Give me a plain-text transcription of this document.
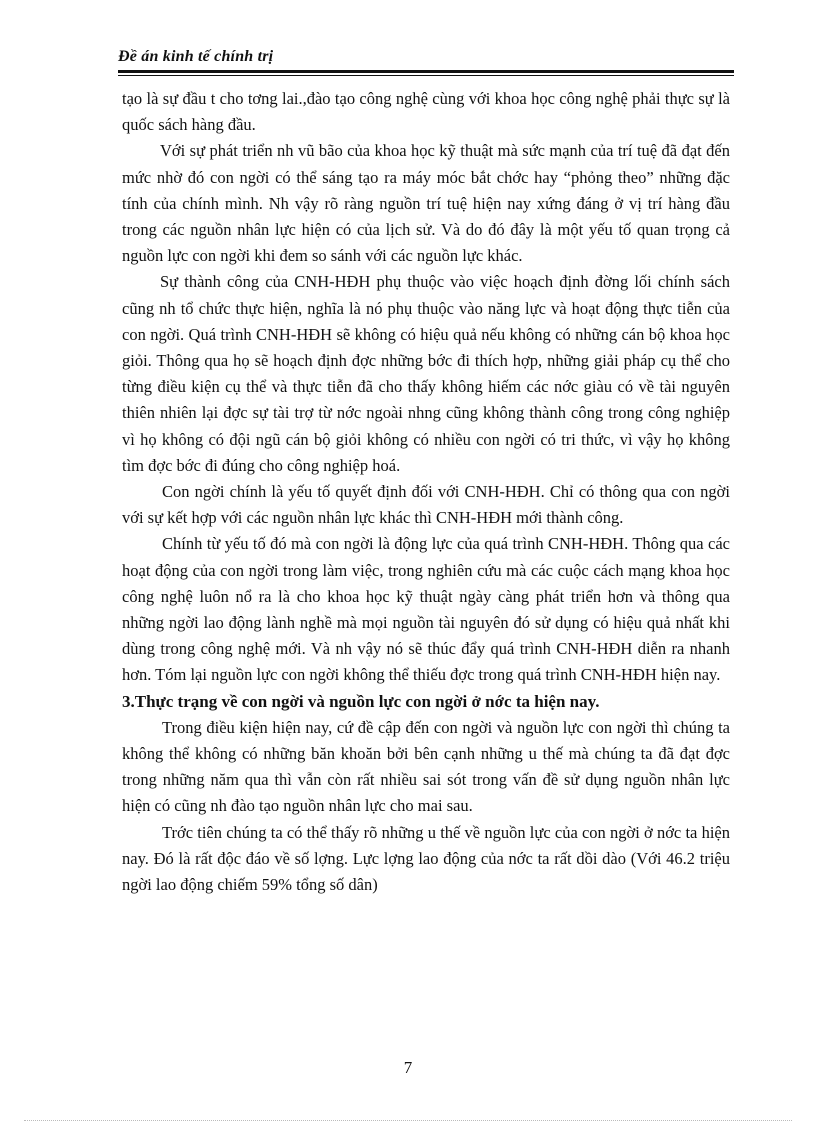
Đề án kinh tế chính trị

tạo là sự đầu t cho tơng lai.,đào tạo công nghệ cùng với khoa học công nghệ phải thực sự là quốc sách hàng đầu.

Với sự phát triển nh vũ bão của khoa học kỹ thuật mà sức mạnh của trí tuệ đã đạt đến mức nhờ đó con ngời có thể sáng tạo ra máy móc bắt chớc hay “phỏng theo” những đặc tính của chính mình. Nh vậy rõ ràng nguồn trí tuệ hiện nay xứng đáng ở vị trí hàng đầu trong các nguồn nhân lực hiện có của lịch sử. Và do đó đây là một yếu tố quan trọng cả nguồn lực con ngời khi đem so sánh với các nguồn lực khác.

Sự thành công của CNH-HĐH phụ thuộc vào việc hoạch định đờng lối chính sách cũng nh tổ chức thực hiện, nghĩa là nó phụ thuộc vào năng lực và hoạt động thực tiễn của con ngời. Quá trình CNH-HĐH sẽ không có hiệu quả nếu không có những cán bộ khoa học giỏi. Thông qua họ sẽ hoạch định đợc những bớc đi thích hợp, những giải pháp cụ thể cho từng điều kiện cụ thể và thực tiễn đã cho thấy không hiếm các nớc giàu có về tài nguyên thiên nhiên lại đợc sự tài trợ từ nớc ngoài nhng cũng không thành công trong công nghiệp vì họ không có đội ngũ cán bộ giỏi không có nhiều con ngời có tri thức, vì vậy họ không tìm đợc bớc đi đúng cho công nghiệp hoá.

Con ngời chính là yếu tố quyết định đối với CNH-HĐH. Chỉ có thông qua con ngời với sự kết hợp với các nguồn nhân lực khác thì CNH-HĐH mới thành công.

Chính từ yếu tố đó mà con ngời là động lực của quá trình CNH-HĐH. Thông qua các hoạt động của con ngời trong làm việc, trong nghiên cứu mà các cuộc cách mạng khoa học công nghệ luôn nổ ra là cho khoa học kỹ thuật ngày càng phát triển hơn và thông qua những ngời lao động lành nghề mà mọi nguồn tài nguyên đó sử dụng có hiệu quả nhất khi dùng trong công nghệ mới. Và nh vậy nó sẽ thúc đẩy quá trình CNH-HĐH diễn ra nhanh hơn. Tóm lại nguồn lực con ngời không thể thiếu đợc trong quá trình CNH-HĐH hiện nay.

3.Thực trạng về con ngời và nguồn lực con ngời ở nớc ta hiện nay.

Trong điều kiện hiện nay, cứ đề cập đến con ngời và nguồn lực con ngời thì chúng ta không thể không có những băn khoăn bởi bên cạnh những u thế mà chúng ta đã đạt đợc trong những năm qua thì vẫn còn rất nhiều sai sót trong vấn đề sử dụng nguồn nhân lực hiện có cũng nh đào tạo nguồn nhân lực cho mai sau.

Trớc tiên chúng ta có thể thấy rõ những u thế về nguồn lực của con ngời ở nớc ta hiện nay. Đó là rất độc đáo về số lợng. Lực lợng lao động của nớc ta rất dồi dào (Với 46.2 triệu ngời lao động chiếm 59% tổng số dân)

7
